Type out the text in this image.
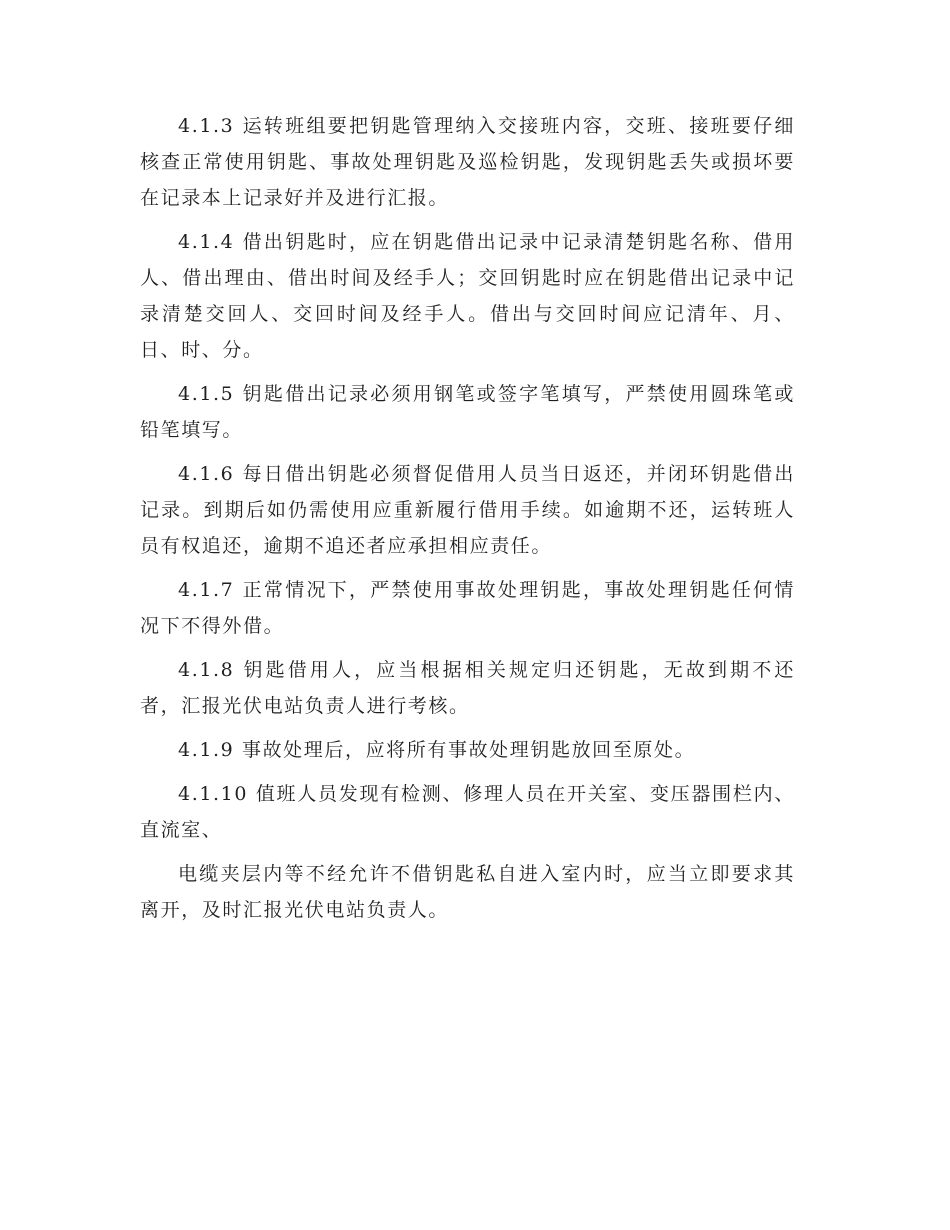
4.1.3 运转班组要把钥匙管理纳入交接班内容，交班、接班要仔细核查正常使用钥匙、事故处理钥匙及巡检钥匙，发现钥匙丢失或损坏要在记录本上记录好并及进行汇报。

4.1.4 借出钥匙时，应在钥匙借出记录中记录清楚钥匙名称、借用人、借出理由、借出时间及经手人；交回钥匙时应在钥匙借出记录中记录清楚交回人、交回时间及经手人。借出与交回时间应记清年、月、日、时、分。

4.1.5 钥匙借出记录必须用钢笔或签字笔填写，严禁使用圆珠笔或铅笔填写。

4.1.6 每日借出钥匙必须督促借用人员当日返还，并闭环钥匙借出记录。到期后如仍需使用应重新履行借用手续。如逾期不还，运转班人员有权追还，逾期不追还者应承担相应责任。

4.1.7 正常情况下，严禁使用事故处理钥匙，事故处理钥匙任何情况下不得外借。

4.1.8 钥匙借用人，应当根据相关规定归还钥匙，无故到期不还者，汇报光伏电站负责人进行考核。

4.1.9 事故处理后，应将所有事故处理钥匙放回至原处。

4.1.10 值班人员发现有检测、修理人员在开关室、变压器围栏内、直流室、

电缆夹层内等不经允许不借钥匙私自进入室内时，应当立即要求其离开，及时汇报光伏电站负责人。
